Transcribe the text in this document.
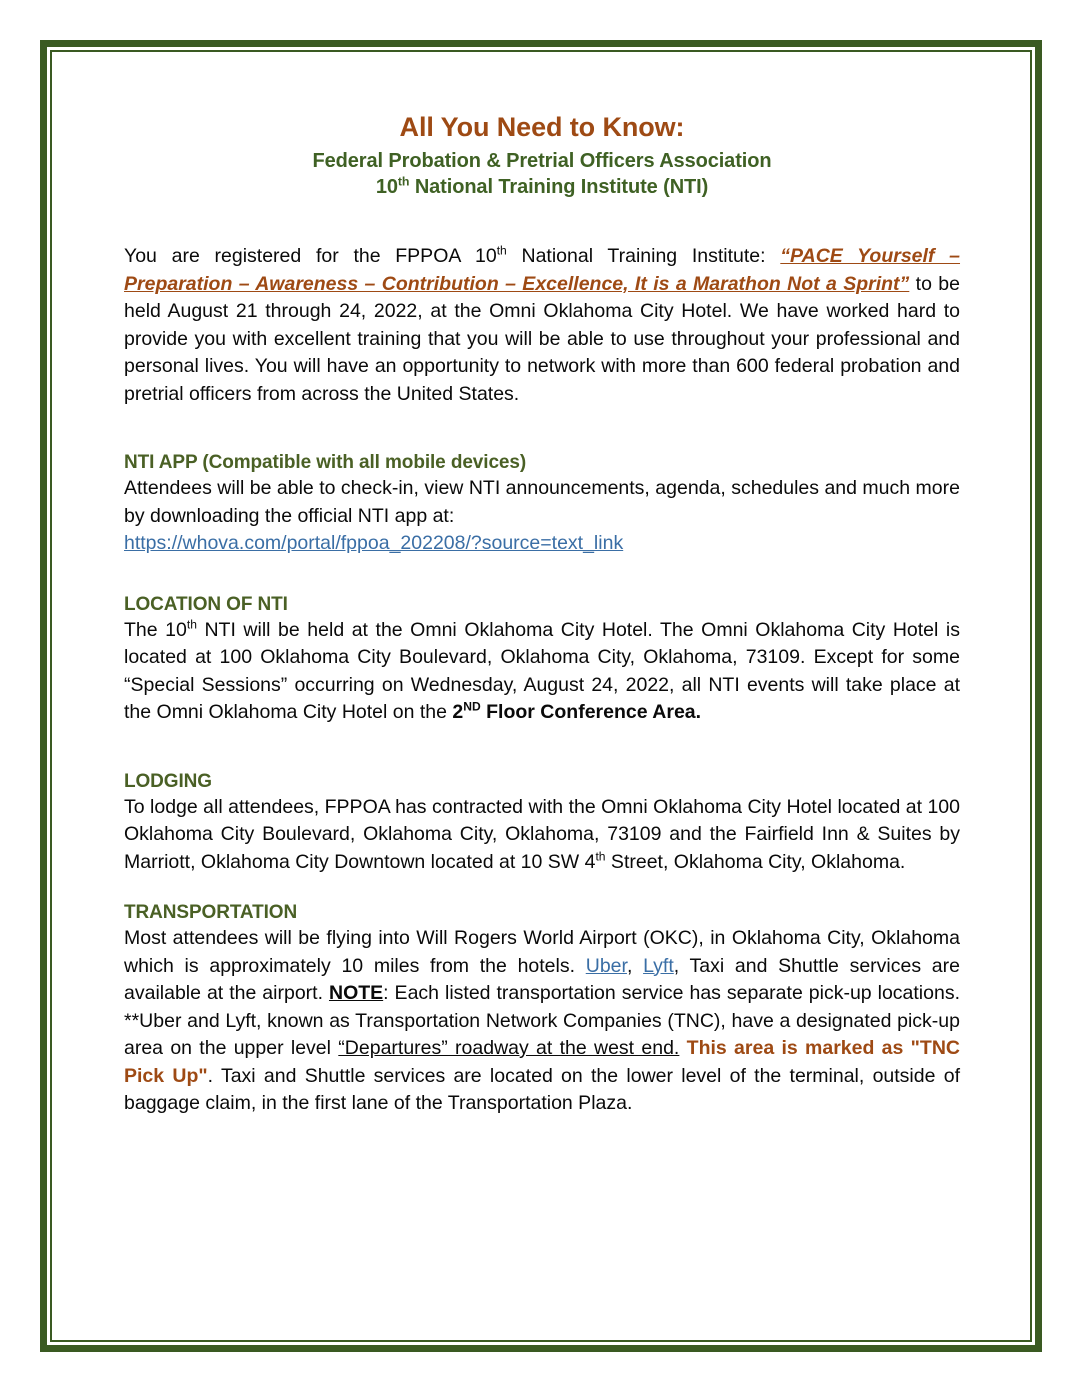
All You Need to Know:
Federal Probation & Pretrial Officers Association
10th National Training Institute (NTI)

You are registered for the FPPOA 10th National Training Institute: “PACE Yourself – Preparation – Awareness – Contribution – Excellence, It is a Marathon Not a Sprint” to be held August 21 through 24, 2022, at the Omni Oklahoma City Hotel. We have worked hard to provide you with excellent training that you will be able to use throughout your professional and personal lives. You will have an opportunity to network with more than 600 federal probation and pretrial officers from across the United States.

NTI APP (Compatible with all mobile devices)

Attendees will be able to check-in, view NTI announcements, agenda, schedules and much more by downloading the official NTI app at:

https://whova.com/portal/fppoa_202208/?source=text_link

LOCATION OF NTI

The 10th NTI will be held at the Omni Oklahoma City Hotel. The Omni Oklahoma City Hotel is located at 100 Oklahoma City Boulevard, Oklahoma City, Oklahoma, 73109. Except for some “Special Sessions” occurring on Wednesday, August 24, 2022, all NTI events will take place at the Omni Oklahoma City Hotel on the 2ND Floor Conference Area.

LODGING

To lodge all attendees, FPPOA has contracted with the Omni Oklahoma City Hotel located at 100 Oklahoma City Boulevard, Oklahoma City, Oklahoma, 73109 and the Fairfield Inn & Suites by Marriott, Oklahoma City Downtown located at 10 SW 4th Street, Oklahoma City, Oklahoma.

TRANSPORTATION

Most attendees will be flying into Will Rogers World Airport (OKC), in Oklahoma City, Oklahoma which is approximately 10 miles from the hotels. Uber, Lyft, Taxi and Shuttle services are available at the airport. NOTE: Each listed transportation service has separate pick-up locations. **Uber and Lyft, known as Transportation Network Companies (TNC), have a designated pick-up area on the upper level “Departures” roadway at the west end. This area is marked as "TNC Pick Up". Taxi and Shuttle services are located on the lower level of the terminal, outside of baggage claim, in the first lane of the Transportation Plaza.
